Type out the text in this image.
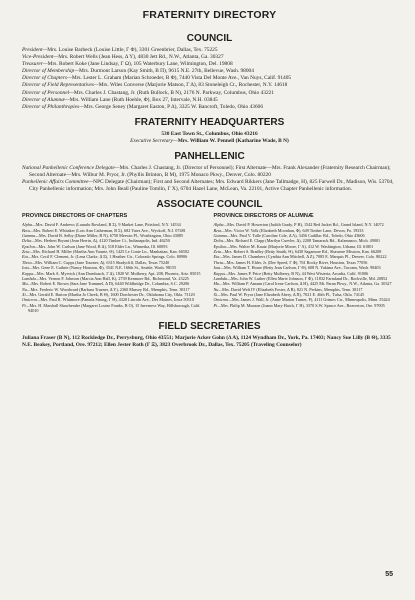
FRATERNITY DIRECTORY
COUNCIL

President—Mrs. Louise Barbeck (Louise Little, Γ Φ), 3301 Greenbrier, Dallas, Tex. 75225

Vice-President—Mrs. Robert Wells (Jean Hess, Δ Υ), 4830 Jett Rd., N.W., Atlanta, Ga. 30327

Treasurer—Mrs. Robert Koke (Jane Lindsay, Γ Ω), 105 Waterbury Lane, Wilmington, Del. 19808

Director of Membership—Mrs. Durmont Larson (Kay Smith, B Π), 9615 N.E. 27th, Bellevue, Wash. 98004

Director of Chapters—Mrs. Lester L. Graham (Marian Schroeder, B Φ), 7440 Vista Del Monte Ave., Van Nuys, Calif. 91405

Director of Field Representatives—Mrs. Wiles Converse (Marjorie Matson, Γ Δ), 83 Stoneleigh Ct., Rochester, N.Y. 14618

Director of Personnel—Mrs. Charles J. Chastang, Jr. (Ruth Bullock, B N), 2176 N. Parkway, Columbus, Ohio 43221

Director of Alumnæ—Mrs. William Lane (Ruth Hoehle, Φ), Box 27, Intervale, N.H. 03845

Director of Philanthropies—Mrs. George Seney (Margaret Easton, Ρ Δ), 3325 W. Bancroft, Toledo, Ohio 43606

FRATERNITY HEADQUARTERS

530 East Town St., Columbus, Ohio 43216

Executive Secretary—Mrs. William W. Pennell (Katharine Wade, B N)

PANHELLENIC

National Panhellenic Conference Delegate—Mrs. Charles J. Chastang, Jr. (Director of Personnel); First Alternate—Mrs. Frank Alexander (Fraternity Research Chairman); Second Alternate—Mrs. Wilbur M. Pryor, Jr. (Phyllis Brinton, B M), 1975 Monaco Pkwy., Denver, Colo. 80220

Panhellenic Affairs Committee—NPC Delegate (Chairman); First and Second Alternates; Mrs. Edward Rikkers (Jane Tallmadge, H), 825 Farwell Dr., Madison, Wis. 53704, City Panhellenic information; Mrs. John Beall (Pauline Tomlin, Γ Χ), 6704 Hazel Lane, McLean, Va. 22101, Active Chapter Panhellenic information.

ASSOCIATE COUNCIL
PROVINCE DIRECTORS OF CHAPTERS

Alpha—Mrs. David F. Andrews (Lauralu Rowland, B Σ), 9 Market Lane, Pittsford, N.Y. 14534

Beta—Mrs. Robert E. Whitaker (Lois Ann Catherman, B Σ), 682 Yates Ave., Wyckoff, N.J. 07481

Gamma—Mrs. David B. Selby (Diane Miller, B N), 6750 Merwin Pl., Worthington, Ohio 43085

Delta—Mrs. Herbert Bryant (Jean Herrin, Δ), 4120 Timber Ct., Indianapolis, Ind. 46250

Epsilon—Mrs. John W. Carlson (Jane Wood, B Δ), 518 Elder Ln., Winnetka, Ill. 60093

Zeta—Mrs. Richard H. Miller (Martha Ann Younie, Θ), 1425 Le Conte Ln., Manhattan, Kan. 66502

Eta—Mrs. Cecil F. Clement, Jr. (Lena Clarke, Δ Ξ), 1 Heather Cir., Colorado Springs, Colo. 80906

Theta—Mrs. William C. Cupps (Jane Tourner, Δ), 6315 Shadycliff, Dallas, Texas 75240

Iota—Mrs. Gene E. Cuthrie (Nancy Houston, Φ), 3541 N.E. 166th St., Seattle, Wash. 98155

Kappa—Mrs. Mark A. Myrvick (Ann Dornbusch, Γ Δ), 1820 W. Mulberry, Apt. 208, Phoenix, Ariz. 85015

Lambda—Mrs. Vernon F. Johnson (Marcia Ann Hall, K), 2739 Kenmore Rd., Richmond, Va. 23225

Mu—Mrs. Robert E. Brown (Sara Jane Trammel, Δ Π), 6440 Wildbridge Dr., Columbia, S.C. 29206

Nu—Mrs. Frederic W. Woodward (Barbara Truener, Δ Υ), 2360 Massey Rd., Memphis, Tenn. 38117

Xi—Mrs. Gerald E. Barton (Martha Jo Cheek, B Θ), 1600 Dorchester Dr., Oklahoma City, Okla. 73120

Omicron—Mrs. Paul R. Whitmore (Pamela Strong, Γ Θ), 4320 Lincoln Ave., Des Moines, Iowa 50310

Pi—Mrs. H. Marshall Shawhender (Margaret Louise Franks, B Ο), 15 Inverness Way, Hillsborough, Calif. 94010

PROVINCE DIRECTORS OF ALUMNÆ

Alpha—Mrs. David P. Howerton (Judith Grady, Ρ Η), 1542 Red Jacket Rd., Grand Island, N.Y. 14072

Beta—Mrs. Victor W. Volk (Elizabeth Moonhan, Φ), 649 Timber Lane, Devon, Pa. 19333

Gamma—Mrs. Paul V. Tulle (Caroline Cole, Δ Λ), 3456 Cadillac Rd., Toledo, Ohio 43606

Delta—Mrs. Richard E. Clapp (Marilyn Cuevler, Δ), 2208 Tamarack Rd., Kalamazoo, Mich. 49001

Epsilon—Mrs. Walter M. Kautz (Marjorie Moore, Γ Α), 412 W. Washington, Urbana, Ill. 61801

Zeta—Mrs. Robert S. Bradley (Betty Smith, Θ), 6430 Sagamore Rd., Shawnee Mission, Kan. 66208

Eta—Mrs. James D. Chambers (Cynthia Ann Mitchell, Δ Ζ), 7085 E. Marquis Pl., Denver, Colo. 80222

Theta—Mrs. James H. Elder, Jr. (Dee Speed, Γ Φ), 761 Rocky River, Houston, Texas 77056

Iota—Mrs. William T. Hoare (Betty Jean Carlson, Γ Θ), 608 N. Yakima Ave., Tacoma, Wash. 98403

Kappa—Mrs. James P. Price (Betty Mulberry, B Ν), 44 West Wisteria, Arcadia, Calif. 91006

Lambda—Mrs. John W. Luther (Ellen Marie Johnson, Γ Φ), 11832 Farmland Dr., Rockville, Md. 20852

Mu—Mrs. William P. Amann (Carol Irene Carlson, Δ Η), 4425 Mt. Paran Pkwy., N.W., Atlanta, Ga. 30327

Nu—Mrs. David Welt IV (Elizabeth Foster, Δ Β), 821 N. Perkins, Memphis, Tenn. 38117

Xi—Mrs. Paul W. Pryor (Jane Elizabeth Abery, Δ Π), 7021 E. 46th Pl., Tulsa, Okla. 74145

Omicron—Mrs. James J. Wall, Jr. (Anne Marion Turner, Ρ), 4111 Grimes Cir., Minneapolis, Minn. 55424

Pi—Mrs. Philip M. Munson (Joann Mary Hatch, Γ Η), 3370 S.W. Spruce Ave., Beaverton, Ore. 97005

FIELD SECRETARIES

Juliana Fraser (B N), 112 Rockledge Dr., Perrysburg, Ohio 43551; Marjorie Acker Gohn (Δ Α), 1124 Wyndham Dr., York, Pa. 17403; Nancy Sue Lilly (B Θ), 3335 N.E. Beakey, Portland, Ore. 97212; Ellen Jester Roth (Γ Ξ), 3823 Overbrook Dr., Dallas, Tex. 75205 (Traveling Counselor)

55
